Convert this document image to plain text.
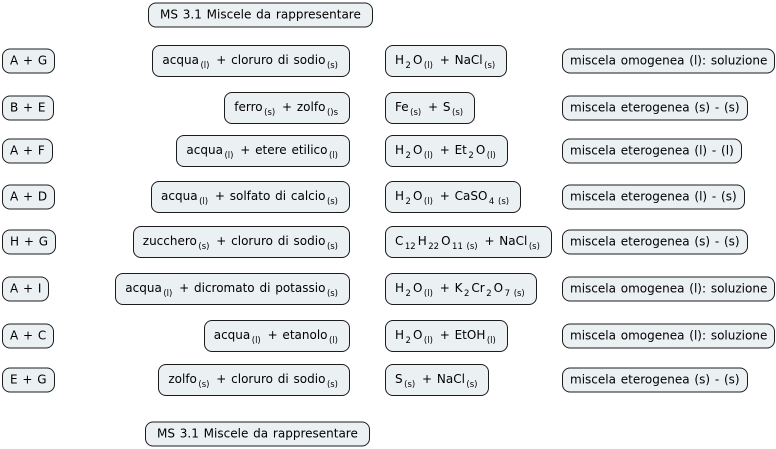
MS 3.1 Miscele da rappresentare
A + G	acqua $_{(l)}$ + cloruro di sodio $_{(s)}$	H $_2$ O $_{(l)}$ + NaCl $_{(s)}$	miscela omogenea (l): soluzione
B + E	ferro $_{(s)}$ + zolfo $_{()s}$	Fe $_{(s)}$ + S $_{(s)}$	miscela eterogenea (s) - (s)
A + F	acqua $_{(l)}$ + etere etilico $_{(l)}$	H $_2$ O $_{(l)}$ + Et $_2$ O $_{(l)}$	miscela eterogenea (l) - (l)
A + D	acqua $_{(l)}$ + solfato di calcio $_{(s)}$	H $_2$ O $_{(l)}$ + CaSO $_{4 (s)}$	miscela eterogenea (l) - (s)
H + G	zucchero $_{(s)}$ + cloruro di sodio $_{(s)}$	C $_{12}$ H $_{22}$ O $_{11 (s)}$ + NaCl $_{(s)}$	miscela eterogenea (s) - (s)
A + I	acqua $_{(l)}$ + dicromato di potassio $_{(s)}$	H $_2$ O $_{(l)}$ + K $_2$ Cr $_2$ O $_{7 (s)}$	miscela omogenea (l): soluzione
A + C	acqua $_{(l)}$ + etanolo $_{(l)}$	H $_2$ O $_{(l)}$ + EtOH $_{(l)}$	miscela omogenea (l): soluzione
E + G	zolfo $_{(s)}$ + cloruro di sodio $_{(s)}$	S $_{(s)}$ + NaCl $_{(s)}$	miscela eterogenea (s) - (s)
MS 3.1 Miscele da rappresentare
